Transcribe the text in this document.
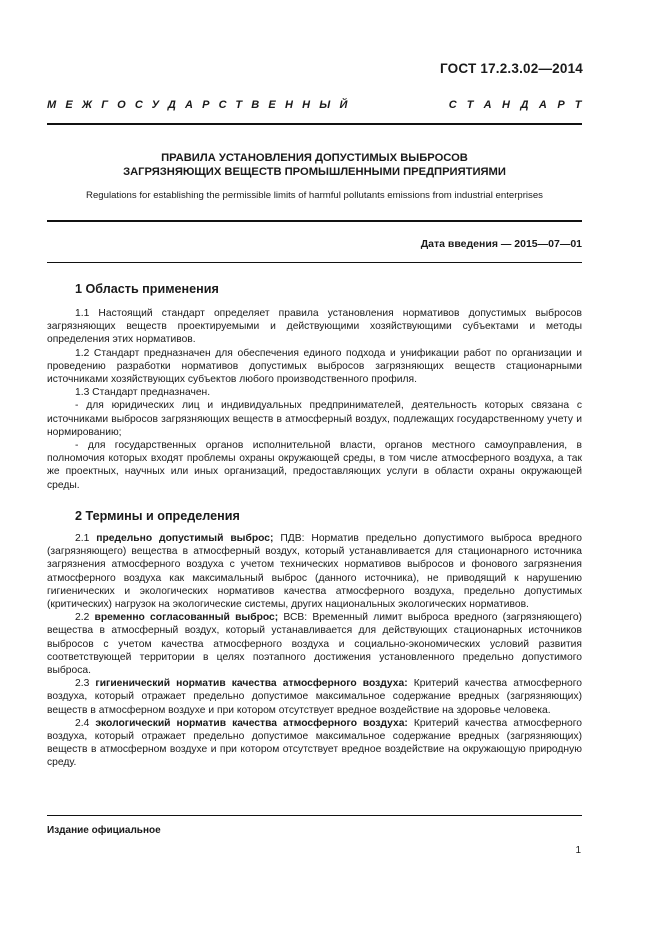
ГОСТ 17.2.3.02—2014
МЕЖГОСУДАРСТВЕННЫЙ	СТАНДАРТ
ПРАВИЛА УСТАНОВЛЕНИЯ ДОПУСТИМЫХ ВЫБРОСОВ
ЗАГРЯЗНЯЮЩИХ ВЕЩЕСТВ ПРОМЫШЛЕННЫМИ ПРЕДПРИЯТИЯМИ
Regulations for establishing the permissible limits of harmful pollutants emissions from industrial enterprises
Дата введения — 2015—07—01
1 Область применения

1.1 Настоящий стандарт определяет правила установления нормативов допустимых выбросов загрязняющих веществ проектируемыми и действующими хозяйствующими субъектами и методы определения этих нормативов.

1.2 Стандарт предназначен для обеспечения единого подхода и унификации работ по организации и проведению разработки нормативов допустимых выбросов загрязняющих веществ стационарными источниками хозяйствующих субъектов любого производственного профиля.

1.3 Стандарт предназначен.

- для юридических лиц и индивидуальных предпринимателей, деятельность которых связана с источниками выбросов загрязняющих веществ в атмосферный воздух, подлежащих государственному учету и нормированию;

- для государственных органов исполнительной власти, органов местного самоуправления, в полномочия которых входят проблемы охраны окружающей среды, в том числе атмосферного воздуха, а так же проектных, научных или иных организаций, предоставляющих услуги в области охраны окружающей среды.

2 Термины и определения

2.1 предельно допустимый выброс; ПДВ: Норматив предельно допустимого выброса вредного (загрязняющего) вещества в атмосферный воздух, который устанавливается для стационарного источника загрязнения атмосферного воздуха с учетом технических нормативов выбросов и фонового загрязнения атмосферного воздуха как максимальный выброс (данного источника), не приводящий к нарушению гигиенических и экологических нормативов качества атмосферного воздуха, предельно допустимых (критических) нагрузок на экологические системы, других национальных экологических нормативов.

2.2 временно согласованный выброс; ВСВ: Временный лимит выброса вредного (загрязняющего) вещества в атмосферный воздух, который устанавливается для действующих стационарных источников выбросов с учетом качества атмосферного воздуха и социально-экономических условий развития соответствующей территории в целях поэтапного достижения установленного предельно допустимого выброса.

2.3 гигиенический норматив качества атмосферного воздуха: Критерий качества атмосферного воздуха, который отражает предельно допустимое максимальное содержание вредных (загрязняющих) веществ в атмосферном воздухе и при котором отсутствует вредное воздействие на здоровье человека.

2.4 экологический норматив качества атмосферного воздуха: Критерий качества атмосферного воздуха, который отражает предельно допустимое максимальное содержание вредных (загрязняющих) веществ в атмосферном воздухе и при котором отсутствует вредное воздействие на окружающую природную среду.

Издание официальное
1
